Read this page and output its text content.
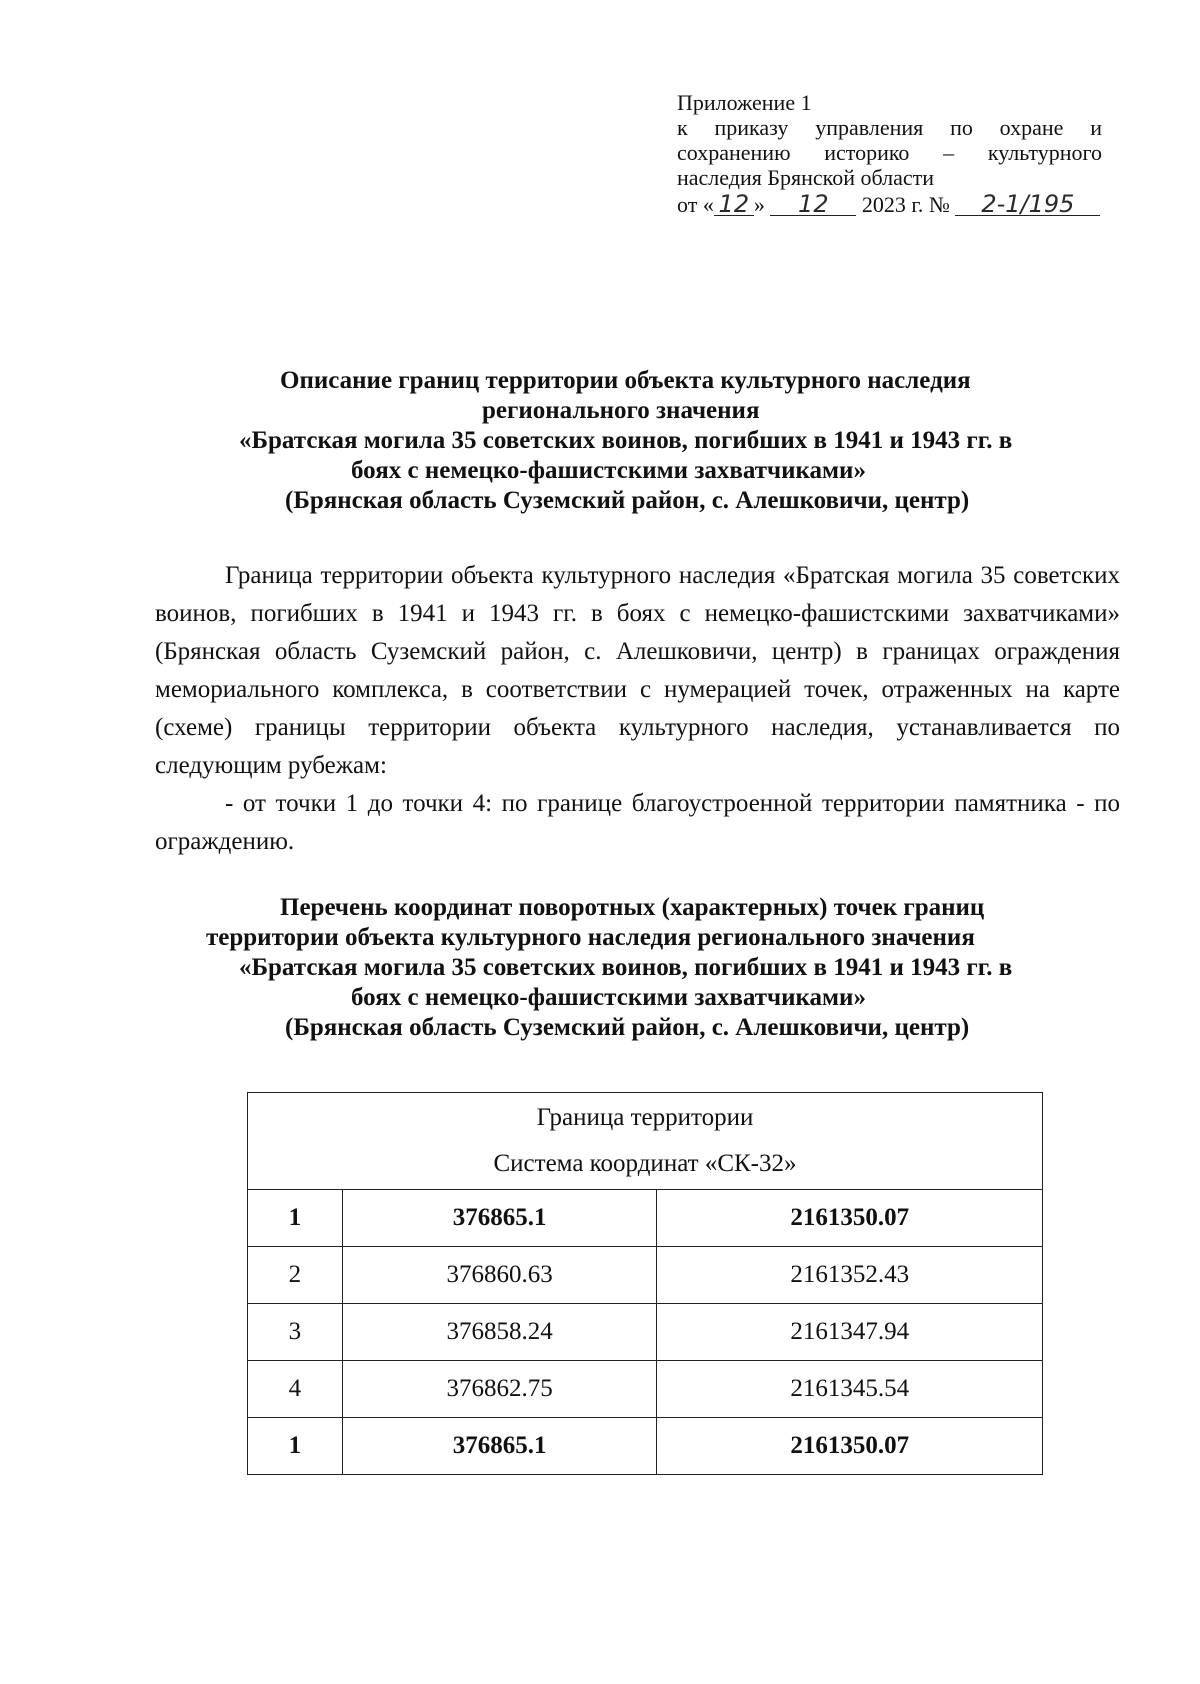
Приложение 1

к приказу управления по охране и сохранению историко – культурного

наследия Брянской области

от « 12 » 12 2023 г. № 2-1/195

Описание границ территории объекта культурного наследия

регионального значения

«Братская могила 35 советских воинов, погибших в 1941 и 1943 гг. в

боях с немецко-фашистскими захватчиками»

(Брянская область Суземский район, с. Алешковичи, центр)

Граница территории объекта культурного наследия «Братская могила 35 советских воинов, погибших в 1941 и 1943 гг. в боях с немецко-фашистскими захватчиками» (Брянская область Суземский район, с. Алешковичи, центр) в границах ограждения мемориального комплекса, в соответствии с нумерацией точек, отраженных на карте (схеме) границы территории объекта культурного наследия, устанавливается по следующим рубежам:

- от точки 1 до точки 4: по границе благоустроенной территории памятника - по ограждению.

Перечень координат поворотных (характерных) точек границ

территории объекта культурного наследия регионального значения

«Братская могила 35 советских воинов, погибших в 1941 и 1943 гг. в

боях с немецко-фашистскими захватчиками»

(Брянская область Суземский район, с. Алешковичи, центр)

Граница территории
Система координат «СК-32»		

1	376865.1	2161350.07
2	376860.63	2161352.43
3	376858.24	2161347.94
4	376862.75	2161345.54
1	376865.1	2161350.07
